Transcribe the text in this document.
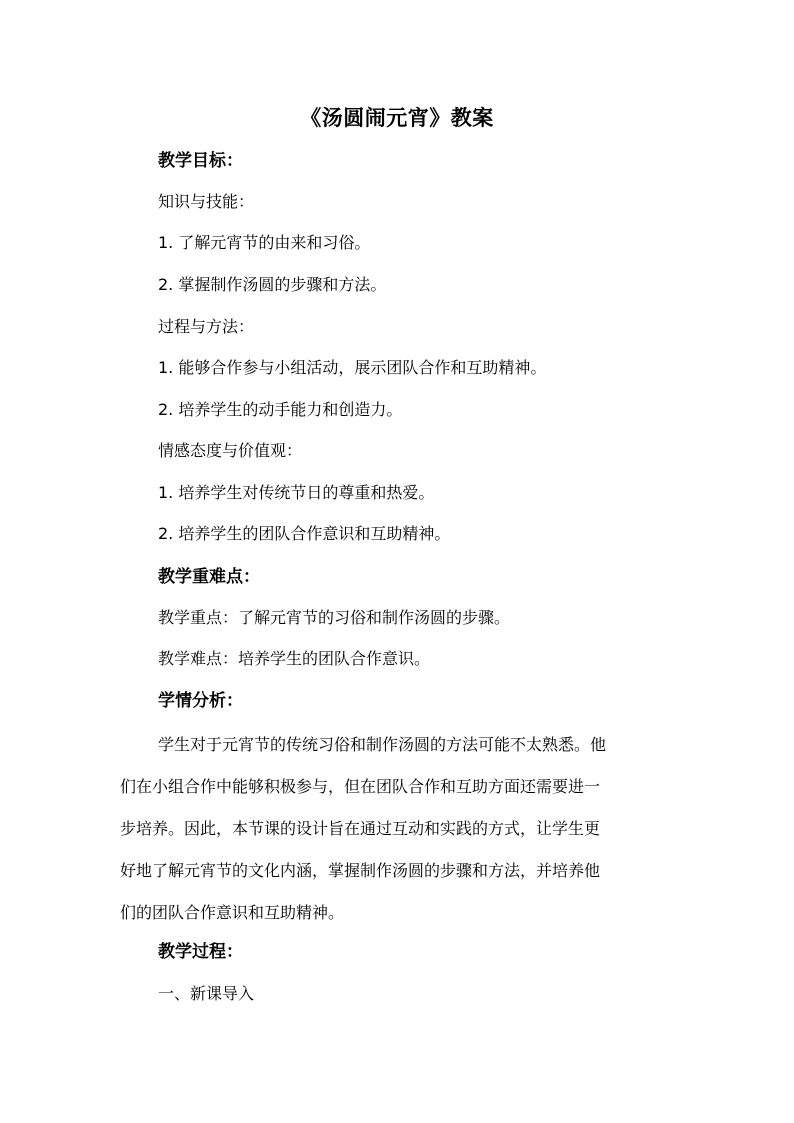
《汤圆闹元宵》教案
教学目标：
知识与技能：
1. 了解元宵节的由来和习俗。
2. 掌握制作汤圆的步骤和方法。
过程与方法：
1. 能够合作参与小组活动，展示团队合作和互助精神。
2. 培养学生的动手能力和创造力。
情感态度与价值观：
1. 培养学生对传统节日的尊重和热爱。
2. 培养学生的团队合作意识和互助精神。
教学重难点：
教学重点：了解元宵节的习俗和制作汤圆的步骤。
教学难点：培养学生的团队合作意识。
学情分析：
学生对于元宵节的传统习俗和制作汤圆的方法可能不太熟悉。他
们在小组合作中能够积极参与，但在团队合作和互助方面还需要进一
步培养。因此，本节课的设计旨在通过互动和实践的方式，让学生更
好地了解元宵节的文化内涵，掌握制作汤圆的步骤和方法，并培养他
们的团队合作意识和互助精神。
教学过程：
一、新课导入
